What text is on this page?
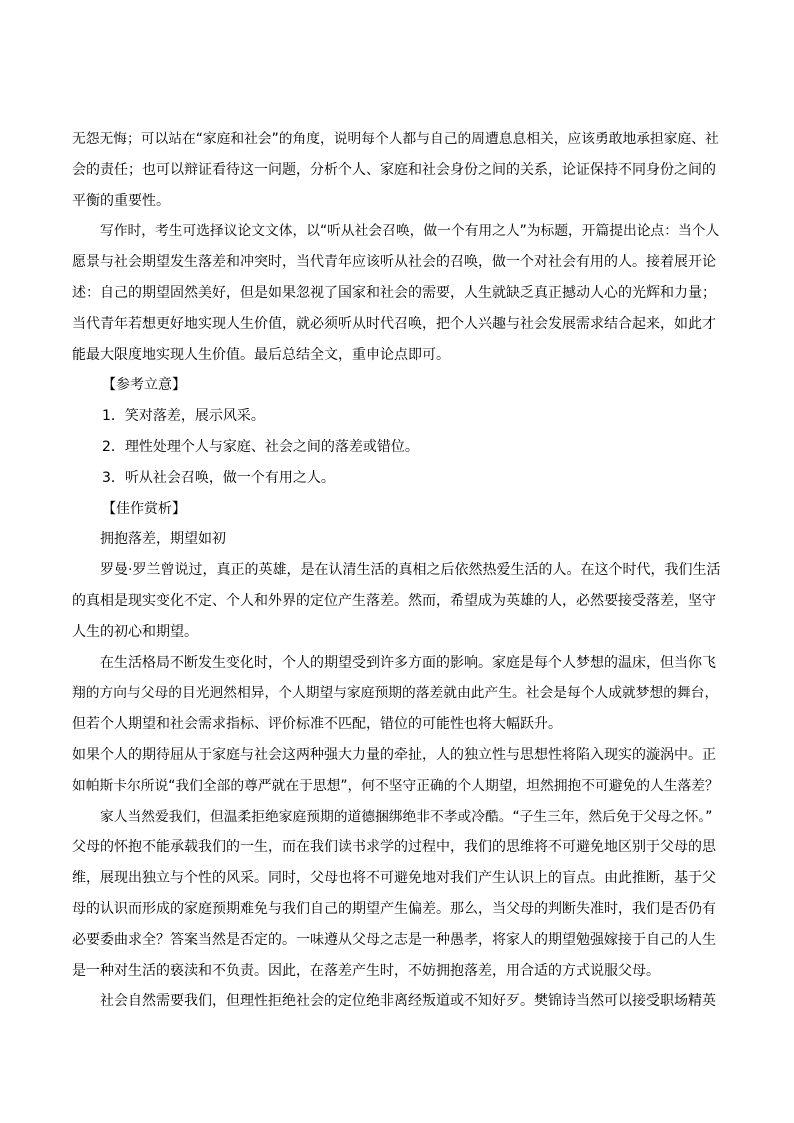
无怨无悔；可以站在“家庭和社会”的角度，说明每个人都与自己的周遭息息相关，应该勇敢地承担家庭、社
会的责任；也可以辩证看待这一问题，分析个人、家庭和社会身份之间的关系，论证保持不同身份之间的
平衡的重要性。
写作时，考生可选择议论文文体，以“听从社会召唤，做一个有用之人”为标题，开篇提出论点：当个人
愿景与社会期望发生落差和冲突时，当代青年应该听从社会的召唤，做一个对社会有用的人。接着展开论
述：自己的期望固然美好，但是如果忽视了国家和社会的需要，人生就缺乏真正撼动人心的光辉和力量；
当代青年若想更好地实现人生价值，就必须听从时代召唤，把个人兴趣与社会发展需求结合起来，如此才
能最大限度地实现人生价值。最后总结全文，重申论点即可。
【参考立意】
1．笑对落差，展示风采。
2．理性处理个人与家庭、社会之间的落差或错位。
3．听从社会召唤，做一个有用之人。
【佳作赏析】
拥抱落差，期望如初
罗曼·罗兰曾说过，真正的英雄，是在认清生活的真相之后依然热爱生活的人。在这个时代，我们生活
的真相是现实变化不定、个人和外界的定位产生落差。然而，希望成为英雄的人，必然要接受落差，坚守
人生的初心和期望。
在生活格局不断发生变化时，个人的期望受到许多方面的影响。家庭是每个人梦想的温床，但当你飞
翔的方向与父母的目光迥然相异，个人期望与家庭预期的落差就由此产生。社会是每个人成就梦想的舞台，
但若个人期望和社会需求指标、评价标准不匹配，错位的可能性也将大幅跃升。
如果个人的期待屈从于家庭与社会这两种强大力量的牵扯，人的独立性与思想性将陷入现实的漩涡中。正
如帕斯卡尔所说“我们全部的尊严就在于思想”，何不坚守正确的个人期望，坦然拥抱不可避免的人生落差？
家人当然爱我们，但温柔拒绝家庭预期的道德捆绑绝非不孝或冷酷。“子生三年，然后免于父母之怀。”
父母的怀抱不能承载我们的一生，而在我们读书求学的过程中，我们的思维将不可避免地区别于父母的思
维，展现出独立与个性的风采。同时，父母也将不可避免地对我们产生认识上的盲点。由此推断，基于父
母的认识而形成的家庭预期难免与我们自己的期望产生偏差。那么，当父母的判断失准时，我们是否仍有
必要委曲求全？答案当然是否定的。一味遵从父母之志是一种愚孝，将家人的期望勉强嫁接于自己的人生
是一种对生活的亵渎和不负责。因此，在落差产生时，不妨拥抱落差，用合适的方式说服父母。
社会自然需要我们，但理性拒绝社会的定位绝非离经叛道或不知好歹。樊锦诗当然可以接受职场精英
